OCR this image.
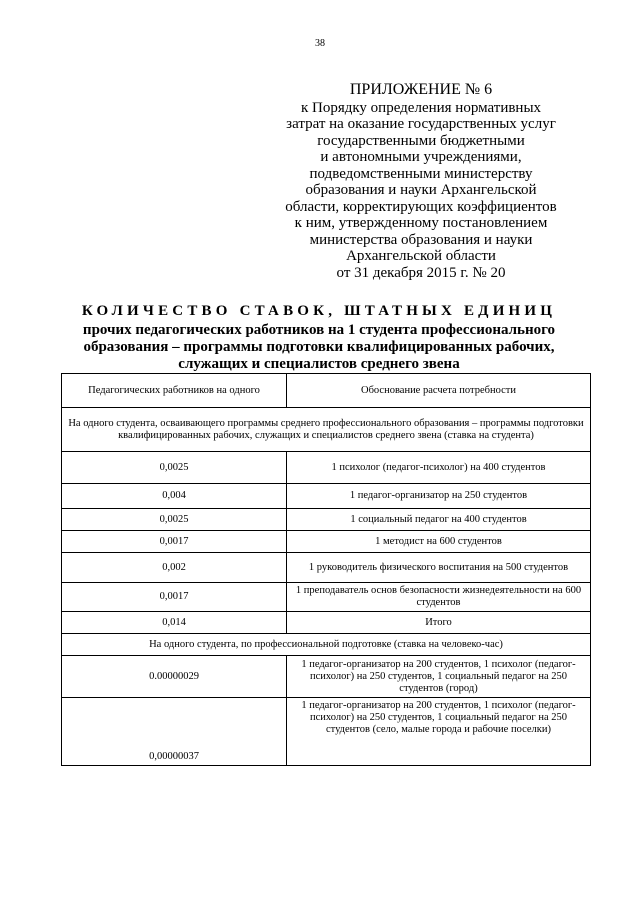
38
ПРИЛОЖЕНИЕ № 6
к Порядку определения нормативных
затрат на оказание государственных услуг
государственными бюджетными
и автономными учреждениями,
подведомственными министерству
образования и науки Архангельской
области, корректирующих коэффициентов
к ним, утвержденному постановлением
министерства образования и науки
Архангельской области
от 31 декабря 2015 г. № 20
КОЛИЧЕСТВО СТАВОК, ШТАТНЫХ ЕДИНИЦ
прочих педагогических работников на 1 студента профессионального
образования – программы подготовки квалифицированных рабочих,
служащих и специалистов среднего звена
Педагогических работников на одного	Обоснование расчета потребности
На одного студента, осваивающего программы среднего профессионального образования – программы подготовки квалифицированных рабочих, служащих и специалистов среднего звена (ставка на студента)	
0,0025	1 психолог (педагог-психолог) на 400 студентов
0,004	1 педагог-организатор на 250 студентов
0,0025	1 социальный педагог на 400 студентов
0,0017	1 методист на 600 студентов
0,002	1 руководитель физического воспитания на 500 студентов
0,0017	1 преподаватель основ безопасности жизнедеятельности на 600 студентов
0,014	Итого
На одного студента, по профессиональной подготовке (ставка на человеко-час)	
0.00000029	1 педагог-организатор на 200 студентов, 1 психолог (педагог-психолог) на 250 студентов, 1 социальный педагог на 250 студентов (город)
0,00000037	1 педагог-организатор на 200 студентов, 1 психолог (педагог-психолог) на 250 студентов, 1 социальный педагог на 250 студентов (село, малые города и рабочие поселки)
